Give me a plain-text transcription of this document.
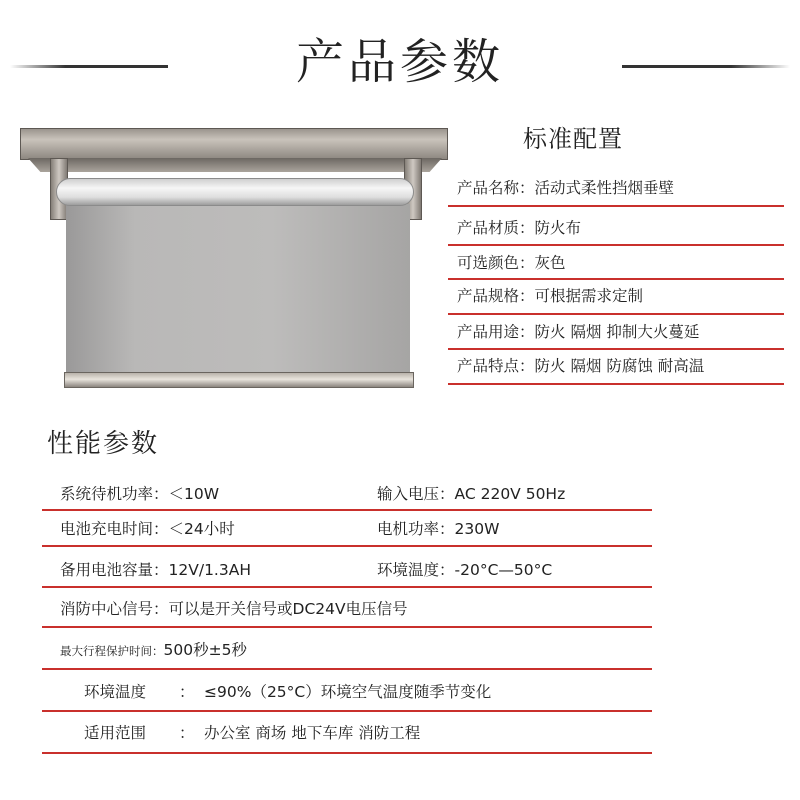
产品参数
标准配置
产品名称：活动式柔性挡烟垂壁
产品材质：防火布
可选颜色：灰色
产品规格：可根据需求定制
产品用途：防火 隔烟 抑制大火蔓延
产品特点：防火 隔烟 防腐蚀 耐高温
性能参数
系统待机功率：＜10W	输入电压：AC 220V 50Hz
电池充电时间：＜24小时	电机功率：230W
备用电池容量：12V/1.3AH	环境温度：-20°C—50°C
消防中心信号：可以是开关信号或DC24V电压信号
最大行程保护时间：500秒±5秒
环境温度 ： ≤90%（25°C）环境空气温度随季节变化
适用范围 ： 办公室 商场 地下车库 消防工程
